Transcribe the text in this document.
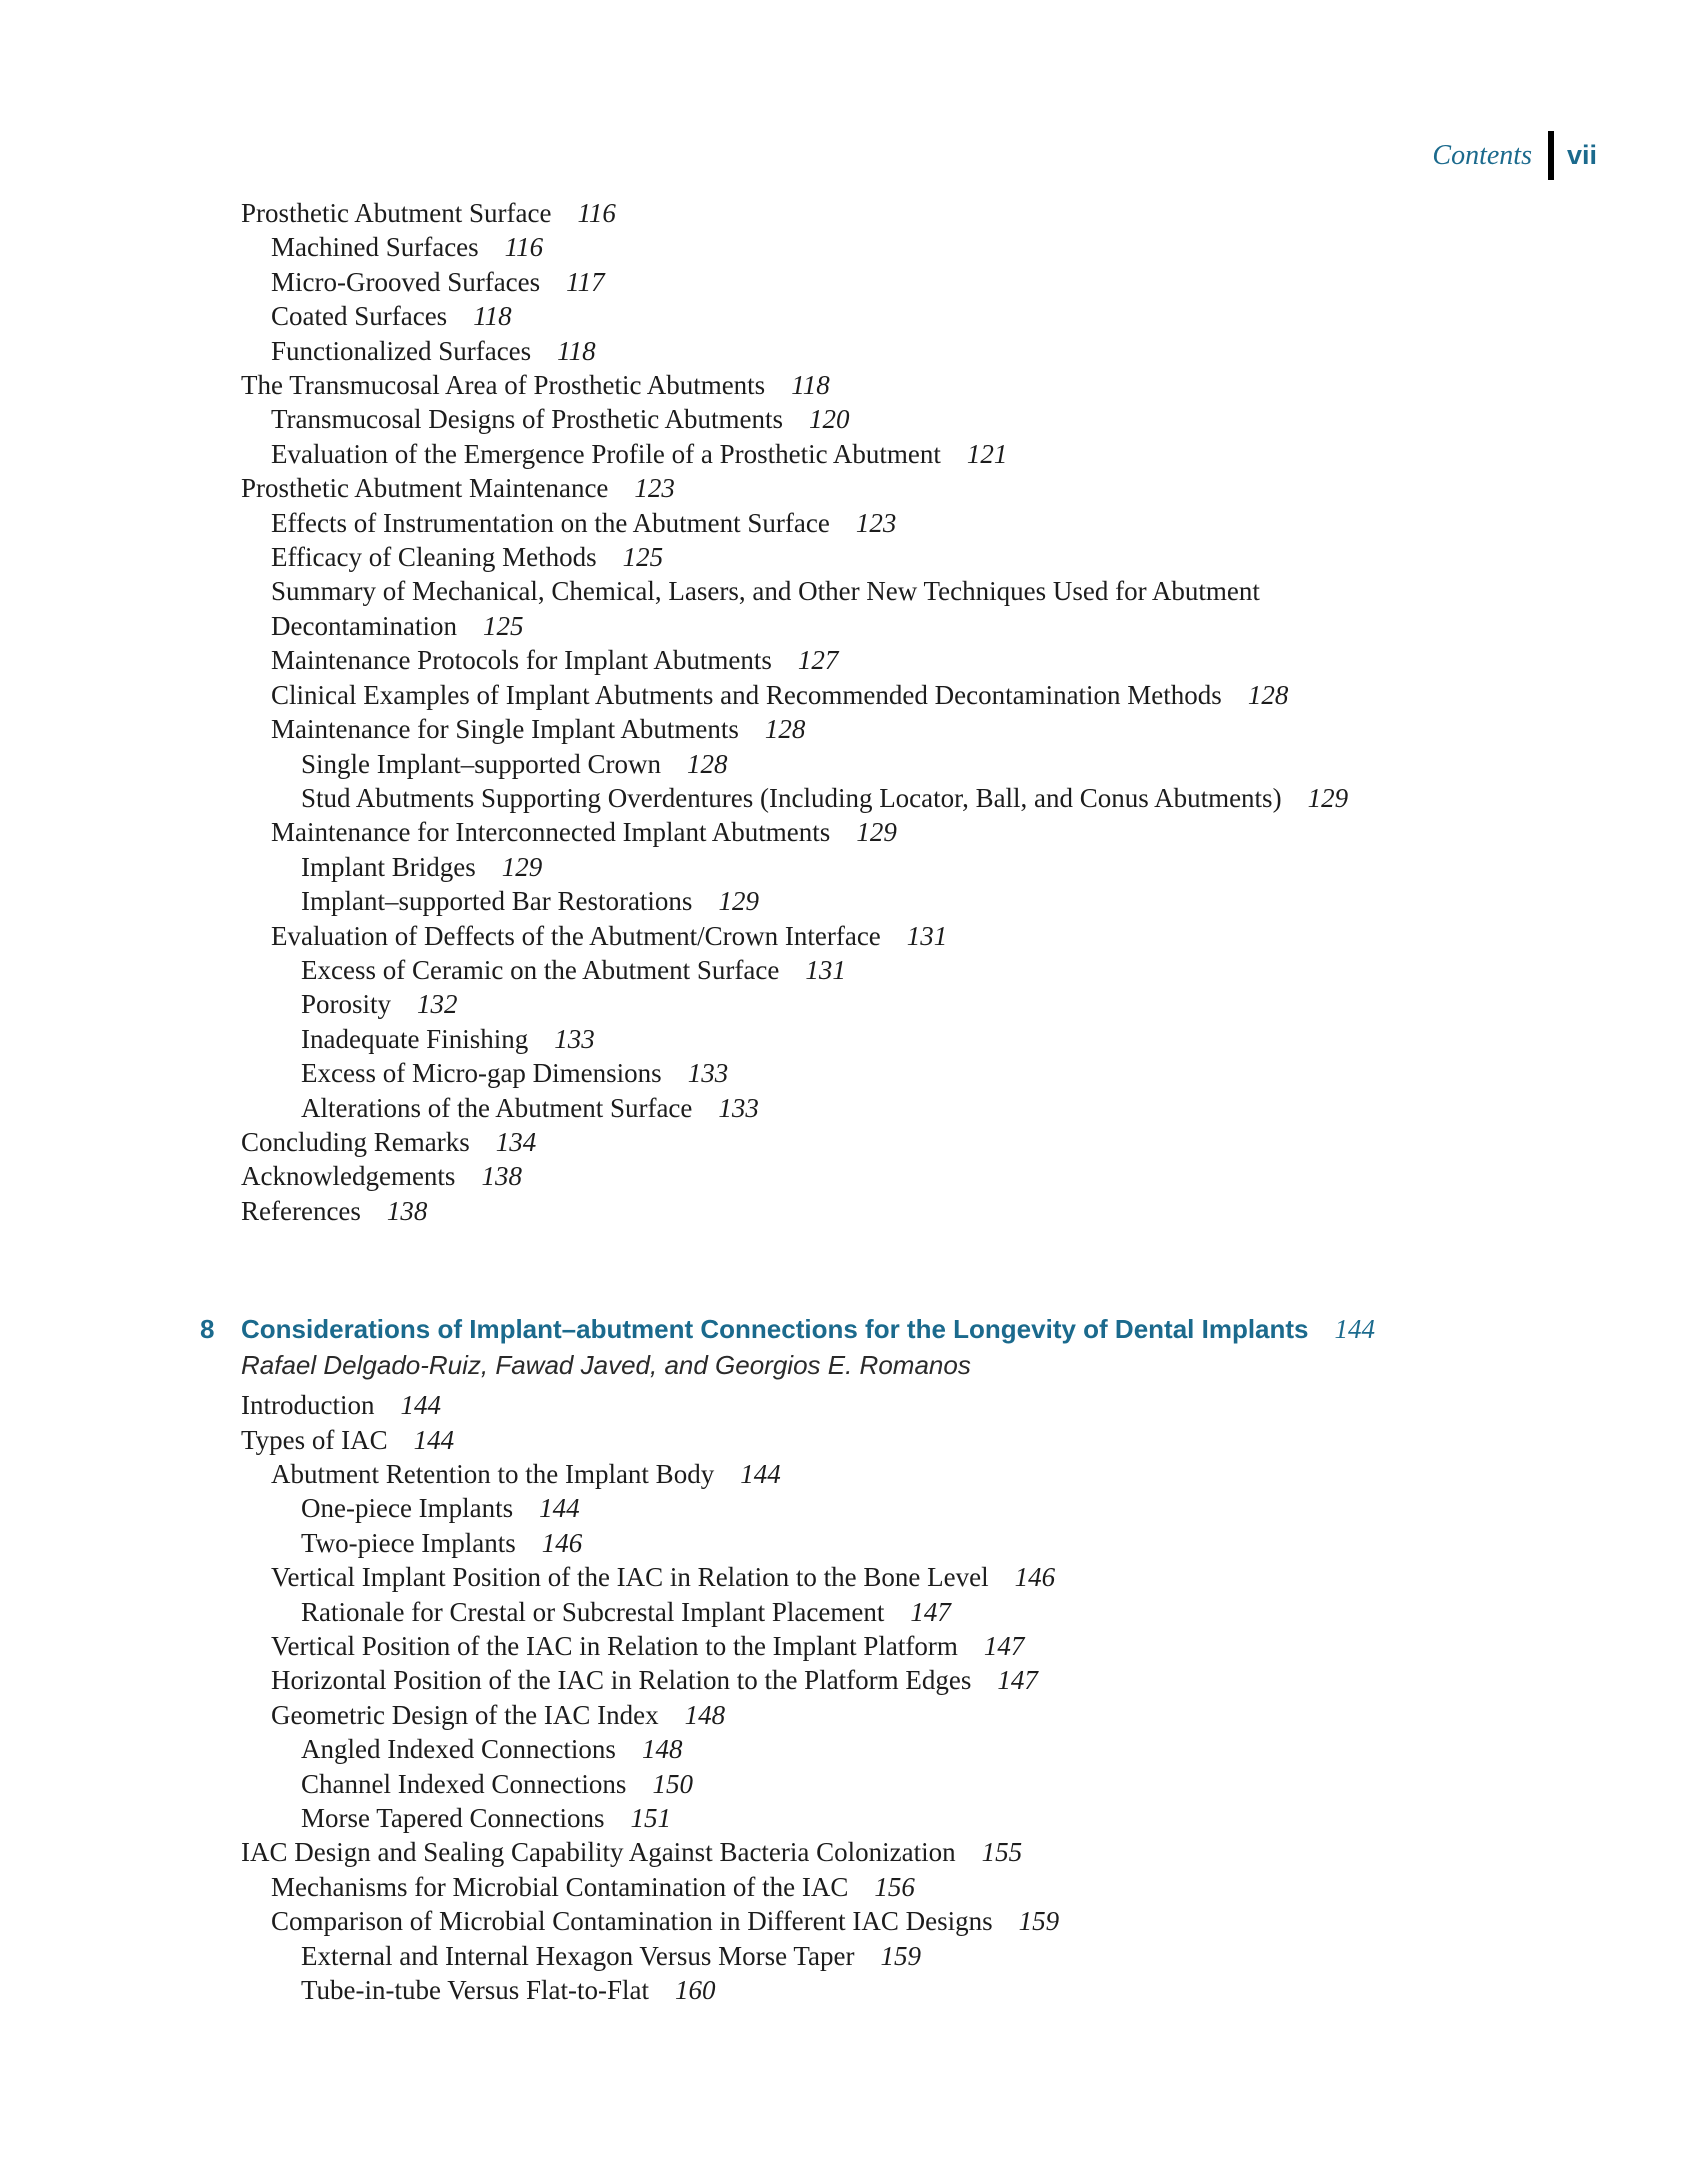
Contents vii
Prosthetic Abutment Surface 116
Machined Surfaces 116
Micro-Grooved Surfaces 117
Coated Surfaces 118
Functionalized Surfaces 118
The Transmucosal Area of Prosthetic Abutments 118
Transmucosal Designs of Prosthetic Abutments 120
Evaluation of the Emergence Profile of a Prosthetic Abutment 121
Prosthetic Abutment Maintenance 123
Effects of Instrumentation on the Abutment Surface 123
Efficacy of Cleaning Methods 125
Summary of Mechanical, Chemical, Lasers, and Other New Techniques Used for Abutment
Decontamination 125
Maintenance Protocols for Implant Abutments 127
Clinical Examples of Implant Abutments and Recommended Decontamination Methods 128
Maintenance for Single Implant Abutments 128
Single Implant–supported Crown 128
Stud Abutments Supporting Overdentures (Including Locator, Ball, and Conus Abutments) 129
Maintenance for Interconnected Implant Abutments 129
Implant Bridges 129
Implant–supported Bar Restorations 129
Evaluation of Deffects of the Abutment/Crown Interface 131
Excess of Ceramic on the Abutment Surface 131
Porosity 132
Inadequate Finishing 133
Excess of Micro-gap Dimensions 133
Alterations of the Abutment Surface 133
Concluding Remarks 134
Acknowledgements 138
References 138
8 Considerations of Implant–abutment Connections for the Longevity of Dental Implants 144
Rafael Delgado-Ruiz, Fawad Javed, and Georgios E. Romanos
Introduction 144
Types of IAC 144
Abutment Retention to the Implant Body 144
One-piece Implants 144
Two-piece Implants 146
Vertical Implant Position of the IAC in Relation to the Bone Level 146
Rationale for Crestal or Subcrestal Implant Placement 147
Vertical Position of the IAC in Relation to the Implant Platform 147
Horizontal Position of the IAC in Relation to the Platform Edges 147
Geometric Design of the IAC Index 148
Angled Indexed Connections 148
Channel Indexed Connections 150
Morse Tapered Connections 151
IAC Design and Sealing Capability Against Bacteria Colonization 155
Mechanisms for Microbial Contamination of the IAC 156
Comparison of Microbial Contamination in Different IAC Designs 159
External and Internal Hexagon Versus Morse Taper 159
Tube-in-tube Versus Flat-to-Flat 160
